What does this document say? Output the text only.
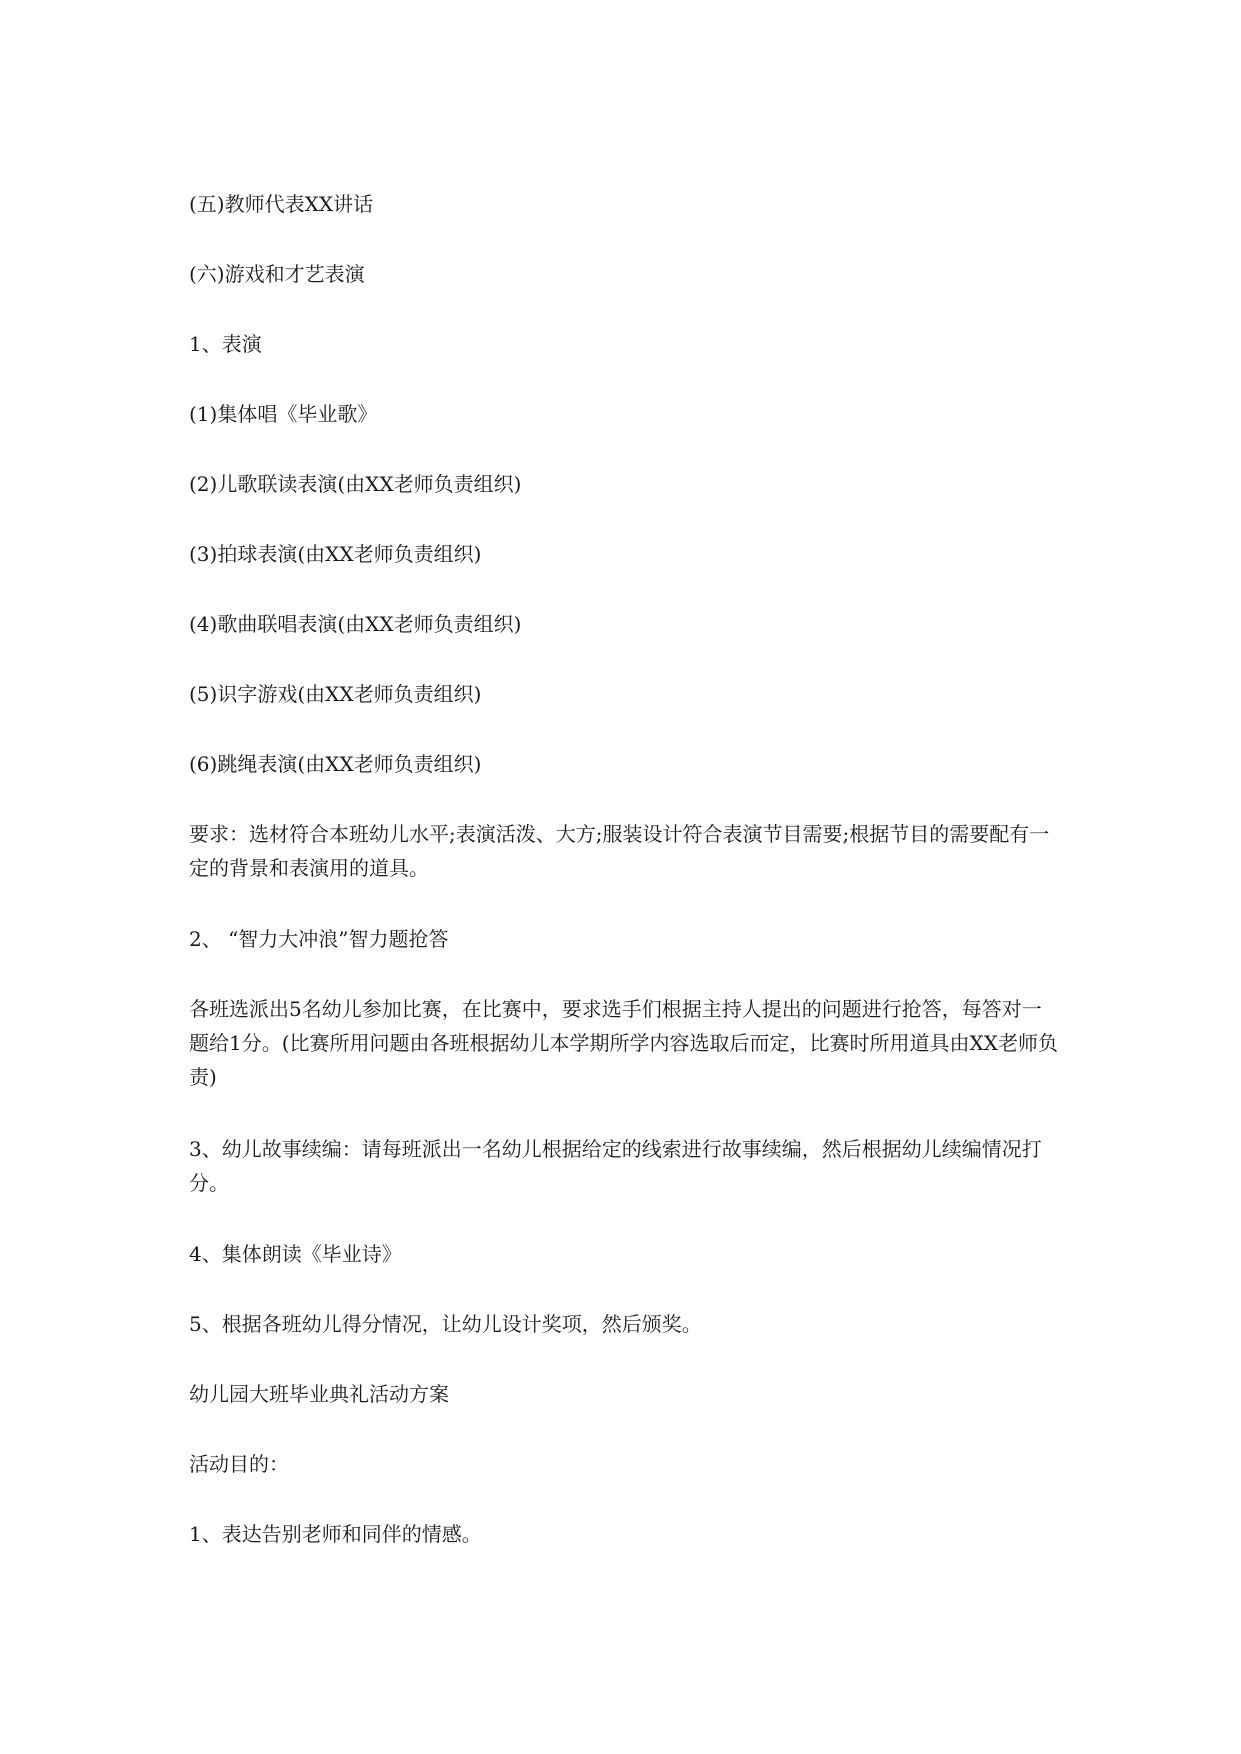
(五)教师代表XX讲话

(六)游戏和才艺表演

1、表演

(1)集体唱《毕业歌》

(2)儿歌联读表演(由XX老师负责组织)

(3)拍球表演(由XX老师负责组织)

(4)歌曲联唱表演(由XX老师负责组织)

(5)识字游戏(由XX老师负责组织)

(6)跳绳表演(由XX老师负责组织)

要求：选材符合本班幼儿水平;表演活泼、大方;服装设计符合表演节目需要;根据节目的需要配有一定的背景和表演用的道具。

2、 “智力大冲浪”智力题抢答

各班选派出5名幼儿参加比赛，在比赛中，要求选手们根据主持人提出的问题进行抢答，每答对一题给1分。(比赛所用问题由各班根据幼儿本学期所学内容选取后而定，比赛时所用道具由XX老师负责)

3、幼儿故事续编：请每班派出一名幼儿根据给定的线索进行故事续编，然后根据幼儿续编情况打分。

4、集体朗读《毕业诗》

5、根据各班幼儿得分情况，让幼儿设计奖项，然后颁奖。

幼儿园大班毕业典礼活动方案

活动目的：

1、表达告别老师和同伴的情感。
